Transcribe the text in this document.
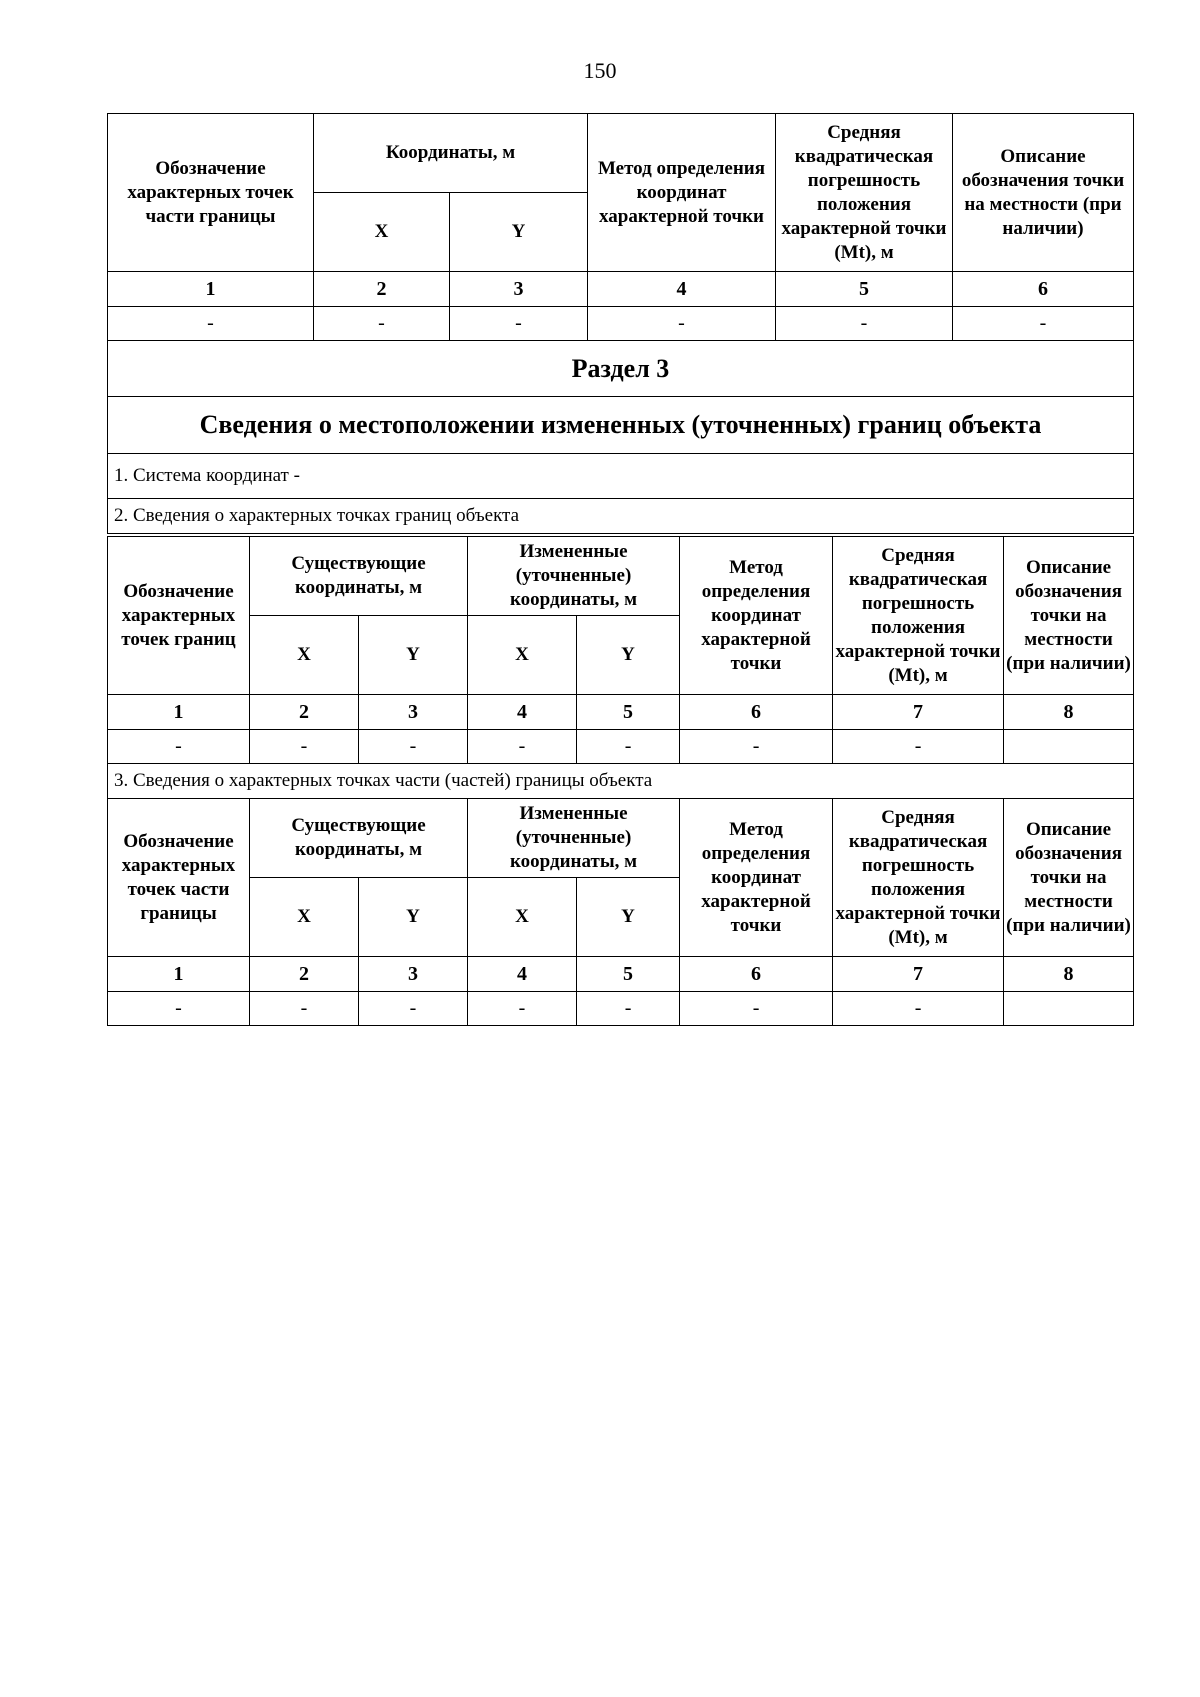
150
Обозначение характерных точек части границы	Координаты, м		Метод определения координат характерной точки	Средняя квадратическая погрешность положения характерной точки (Mt), м	Описание обозначения точки на местности (при наличии)
	X	Y			
1	2	3	4	5	6
-	-	-	-	-	-
Раздел 3					
Сведения о местоположении измененных (уточненных) границ объекта					
1. Система координат -					
2. Сведения о характерных точках границ объекта					
Обозначение характерных точек границ	Существующие координаты, м		Измененные (уточненные) координаты, м		Метод определения координат характерной точки	Средняя квадратическая погрешность положения характерной точки (Mt), м	Описание обозначения точки на местности (при наличии)
	X	Y	X	Y			
1	2	3	4	5	6	7	8
-	-	-	-	-	-	-	
3. Сведения о характерных точках части (частей) границы объекта							
Обозначение характерных точек части границы	Существующие координаты, м		Измененные (уточненные) координаты, м		Метод определения координат характерной точки	Средняя квадратическая погрешность положения характерной точки (Mt), м	Описание обозначения точки на местности (при наличии)
	X	Y	X	Y			
1	2	3	4	5	6	7	8
-	-	-	-	-	-	-	
